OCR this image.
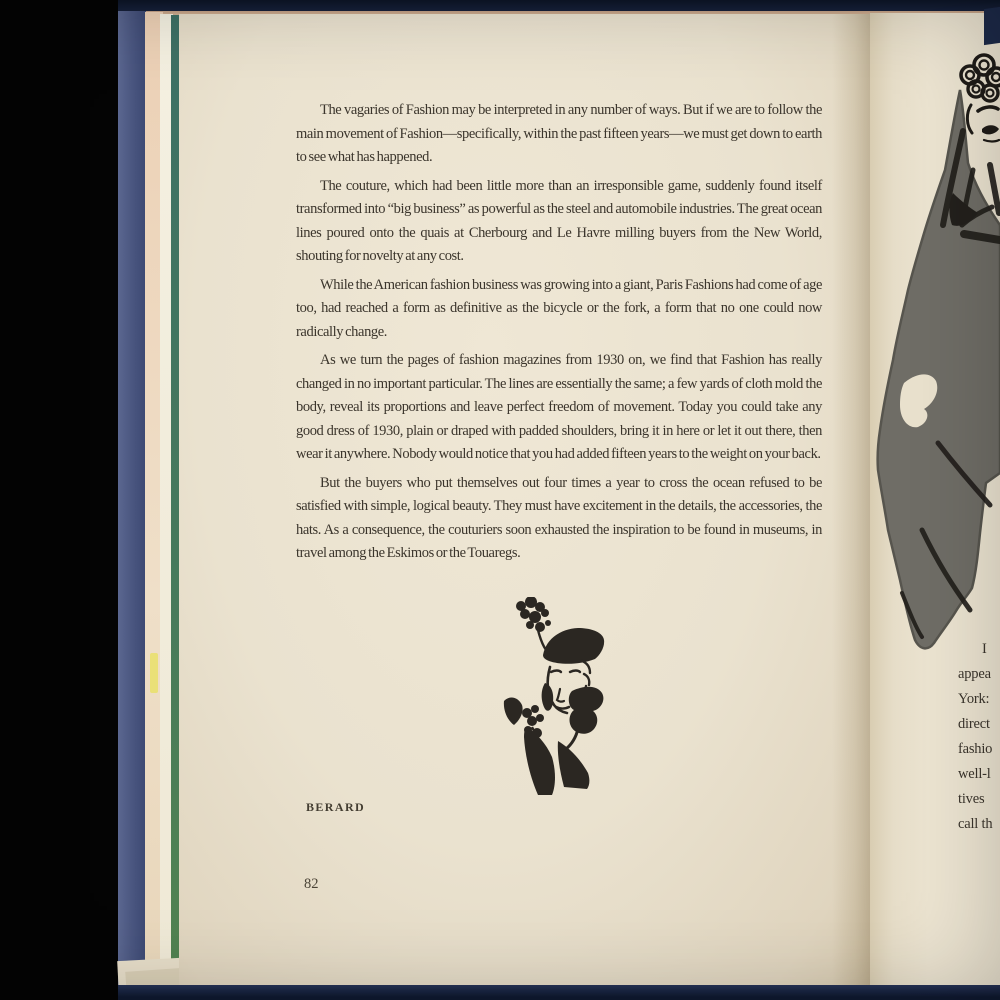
The vagaries of Fashion may be interpreted in any number of ways. But if we are to follow the main movement of Fashion—specifically, within the past fifteen years—we must get down to earth to see what has happened.

The couture, which had been little more than an irresponsible game, suddenly found itself transformed into “big business” as powerful as the steel and automobile industries. The great ocean lines poured onto the quais at Cherbourg and Le Havre milling buyers from the New World, shouting for novelty at any cost.

While the American fashion business was growing into a giant, Paris Fashions had come of age too, had reached a form as definitive as the bicycle or the fork, a form that no one could now radically change.

As we turn the pages of fashion magazines from 1930 on, we find that Fashion has really changed in no important particular. The lines are essentially the same; a few yards of cloth mold the body, reveal its proportions and leave perfect freedom of movement. Today you could take any good dress of 1930, plain or draped with padded shoulders, bring it in here or let it out there, then wear it anywhere. Nobody would notice that you had added fifteen years to the weight on your back.

But the buyers who put themselves out four times a year to cross the ocean refused to be satisfied with simple, logical beauty. They must have excitement in the details, the accessories, the hats. As a consequence, the couturiers soon exhausted the inspiration to be found in museums, in travel among the Eskimos or the Touaregs.

BERARD
82
I
appea
York:
direct
fashio
well-l
tives
call th
